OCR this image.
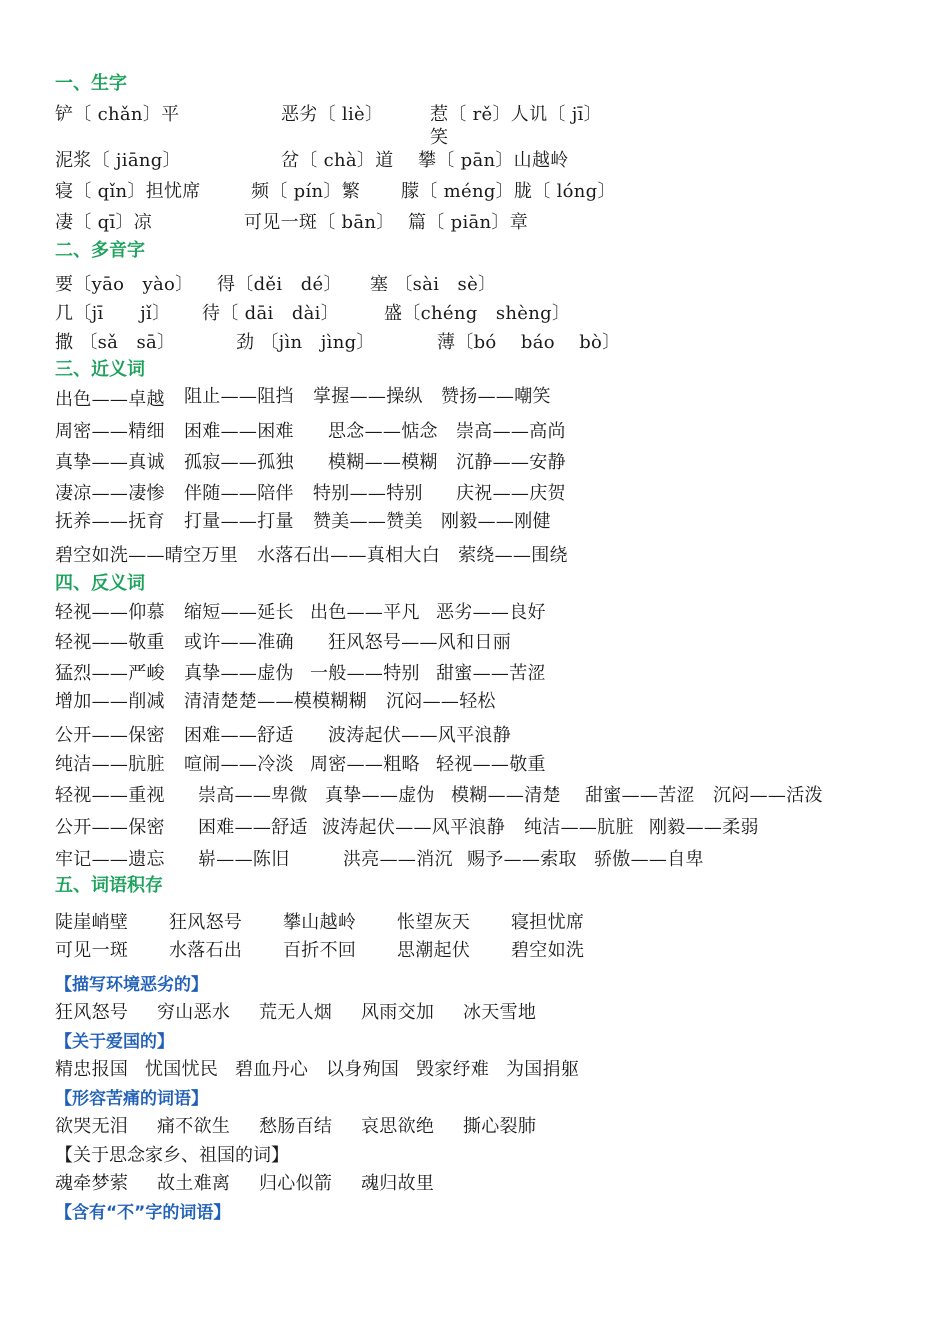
一、生字
铲〔 chǎn〕平	恶劣〔 liè〕	惹〔 rě〕人讥〔 jī〕
笑
泥浆〔 jiāng〕	岔〔 chà〕道 攀〔 pān〕山越岭
寝〔 qǐn〕担忧席	频〔 pín〕繁 朦〔 méng〕胧〔 lóng〕
凄〔 qī〕凉	可见一斑〔 bān〕 篇〔 piān〕章
二、多音字
要〔yāo　yào〕 得〔děi　dé〕 塞 〔sài　sè〕
几〔jī　　jǐ〕 待〔 dāi　dài〕 盛〔chéng　shèng〕
撒 〔sǎ　sā〕	劲 〔jìn　jìng〕	薄〔bó　 báo　 bò〕
三、近义词
出色——卓越 阻止——阻挡 掌握——操纵 赞扬——嘲笑
周密——精细 困难——困难 思念——惦念 崇高——高尚
真挚——真诚 孤寂——孤独 模糊——模糊 沉静——安静
凄凉——凄惨 伴随——陪伴 特别——特别 庆祝——庆贺
抚养——抚育 打量——打量 赞美——赞美 刚毅——刚健
碧空如洗——晴空万里 水落石出——真相大白 萦绕——围绕
四、反义词
轻视——仰慕 缩短——延长 出色——平凡 恶劣——良好
轻视——敬重 或许——准确 狂风怒号——风和日丽
猛烈——严峻 真挚——虚伪 一般——特别 甜蜜——苦涩
增加——削减 清清楚楚——模模糊糊 沉闷——轻松
公开——保密 困难——舒适 波涛起伏——风平浪静
纯洁——肮脏 喧闹——冷淡 周密——粗略 轻视——敬重
轻视——重视 崇高——卑微 真挚——虚伪 模糊——清楚 甜蜜——苦涩 沉闷——活泼
公开——保密 困难——舒适 波涛起伏——风平浪静 纯洁——肮脏 刚毅——柔弱
牢记——遗忘 崭——陈旧	洪亮——消沉 赐予——索取 骄傲——自卑
五、词语积存
陡崖峭壁 狂风怒号 攀山越岭 怅望灰天 寝担忧席
可见一斑 水落石出 百折不回 思潮起伏 碧空如洗
【描写环境恶劣的】
狂风怒号 穷山恶水 荒无人烟 风雨交加 冰天雪地
【关于爱国的】
精忠报国 忧国忧民 碧血丹心 以身殉国 毁家纾难 为国捐躯
【形容苦痛的词语】
欲哭无泪 痛不欲生 愁肠百结 哀思欲绝 撕心裂肺
【关于思念家乡、祖国的词】
魂牵梦萦 故土难离 归心似箭 魂归故里
【含有“不”字的词语】
